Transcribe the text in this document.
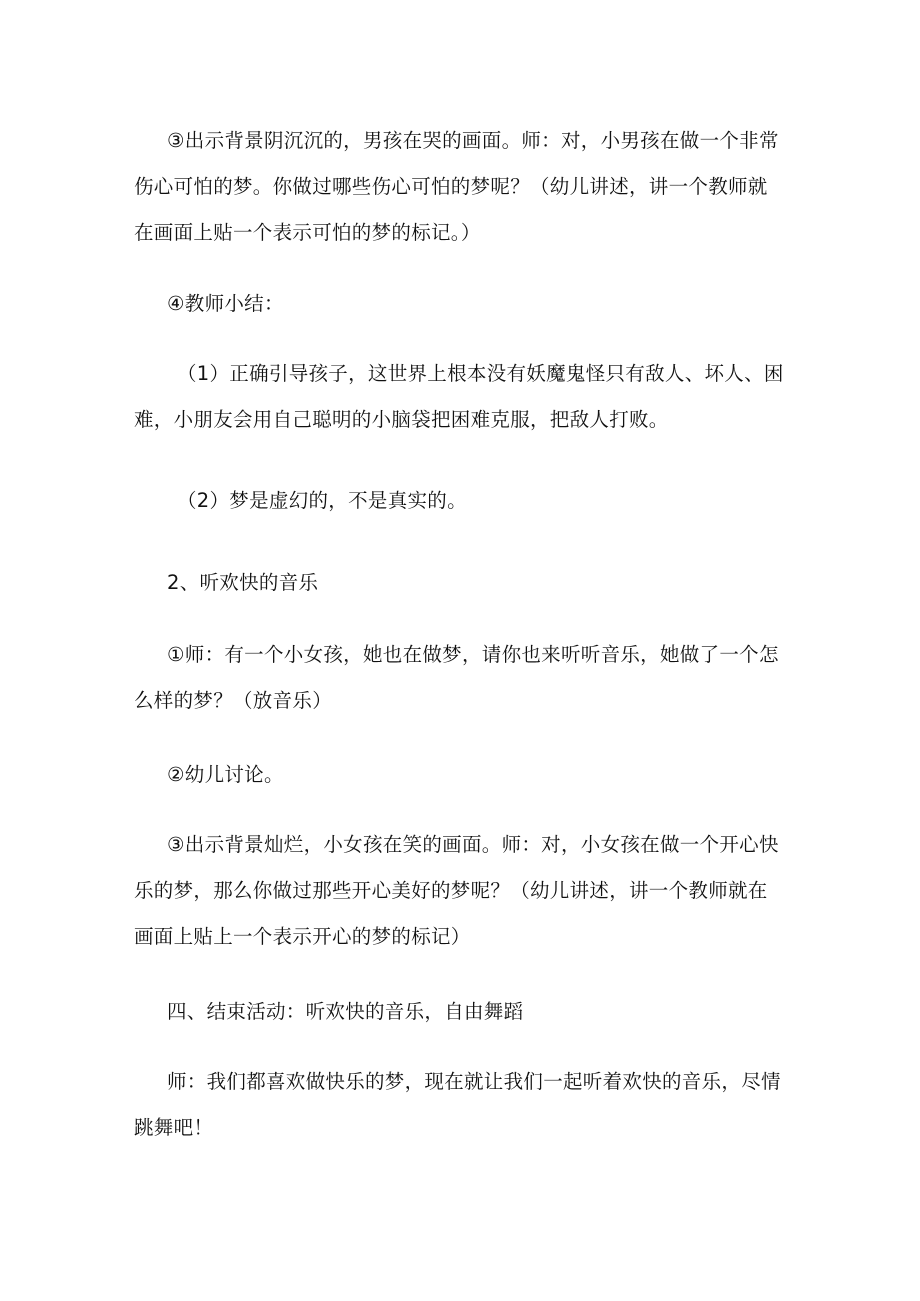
③出示背景阴沉沉的，男孩在哭的画面。师：对，小男孩在做一个非常伤心可怕的梦。你做过哪些伤心可怕的梦呢？（幼儿讲述，讲一个教师就在画面上贴一个表示可怕的梦的标记。）

④教师小结：

（1）正确引导孩子，这世界上根本没有妖魔鬼怪只有敌人、坏人、困难，小朋友会用自己聪明的小脑袋把困难克服，把敌人打败。

（2）梦是虚幻的，不是真实的。

2、听欢快的音乐

①师：有一个小女孩，她也在做梦，请你也来听听音乐，她做了一个怎么样的梦？（放音乐）

②幼儿讨论。

③出示背景灿烂，小女孩在笑的画面。师：对，小女孩在做一个开心快乐的梦，那么你做过那些开心美好的梦呢？（幼儿讲述，讲一个教师就在画面上贴上一个表示开心的梦的标记）

四、结束活动：听欢快的音乐，自由舞蹈

师：我们都喜欢做快乐的梦，现在就让我们一起听着欢快的音乐，尽情跳舞吧！
